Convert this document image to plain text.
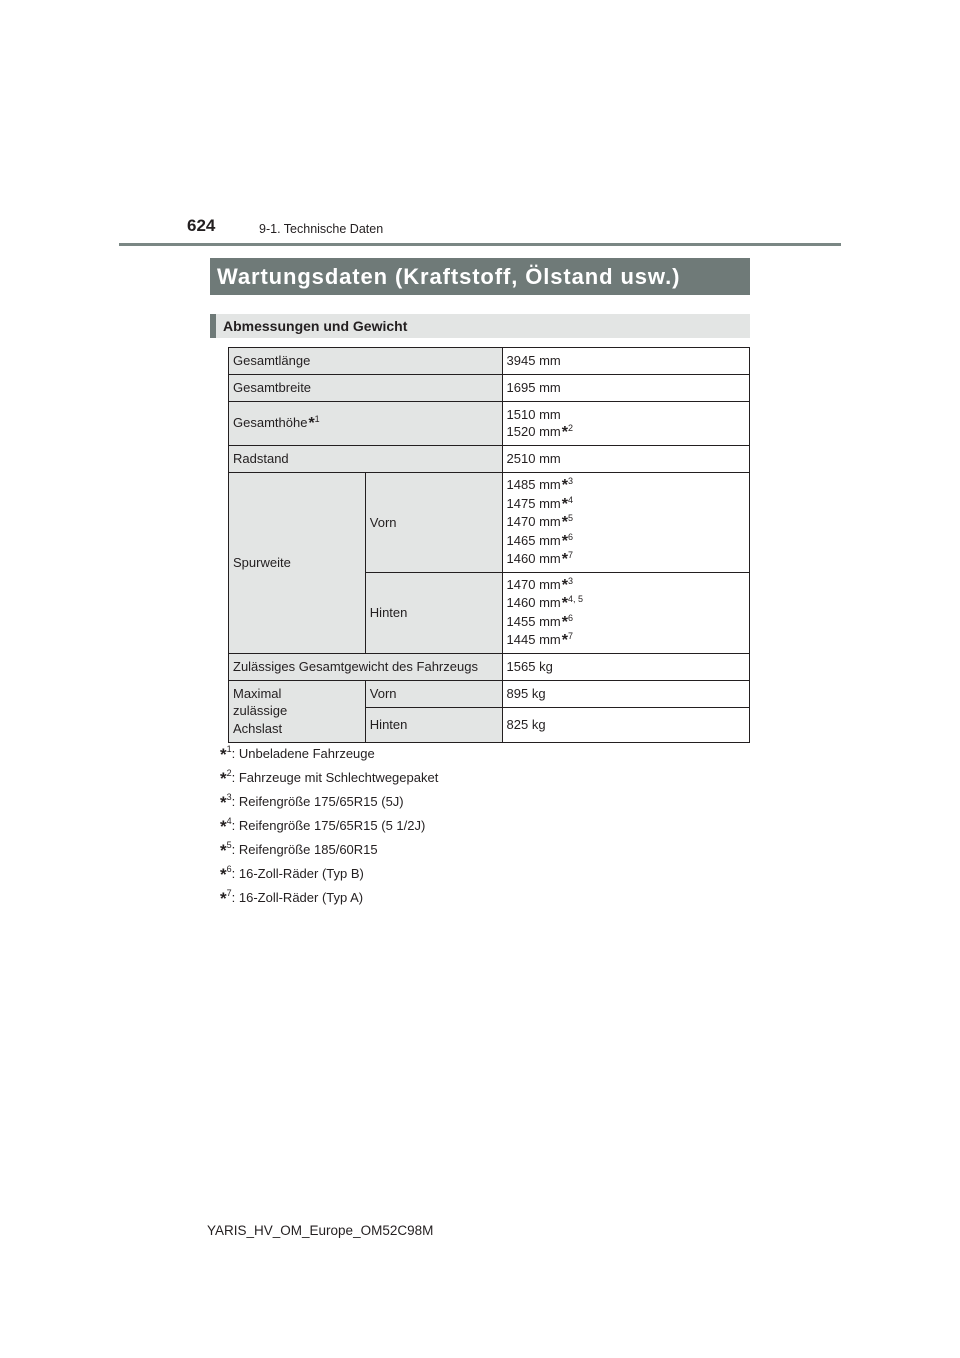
624	9-1. Technische Daten
Wartungsdaten (Kraftstoff, Ölstand usw.)
Abmessungen und Gewicht
Gesamtlänge		3945 mm
Gesamtbreite		1695 mm
Gesamthöhe*$^1$		1510 mm
1520 mm*$^2$

Radstand		2510 mm
Spurweite	Vorn	1485 mm*$^3$
1475 mm*$^4$
1470 mm*$^5$
1465 mm*$^6$
1460 mm*$^7$

	Hinten	1470 mm*$^3$
1460 mm*$^{4, 5}$
1455 mm*$^6$
1445 mm*$^7$

Zulässiges Gesamtgewicht des Fahrzeugs		1565 kg
Maximal
zulässige
Achslast	Vorn	895 kg
	Hinten	825 kg
*$^1$: Unbeladene Fahrzeuge
*$^2$: Fahrzeuge mit Schlechtwegepaket
*$^3$: Reifengröße 175/65R15 (5J)
*$^4$: Reifengröße 175/65R15 (5 1/2J)
*$^5$: Reifengröße 185/60R15
*$^6$: 16-Zoll-Räder (Typ B)
*$^7$: 16-Zoll-Räder (Typ A)
YARIS_HV_OM_Europe_OM52C98M
